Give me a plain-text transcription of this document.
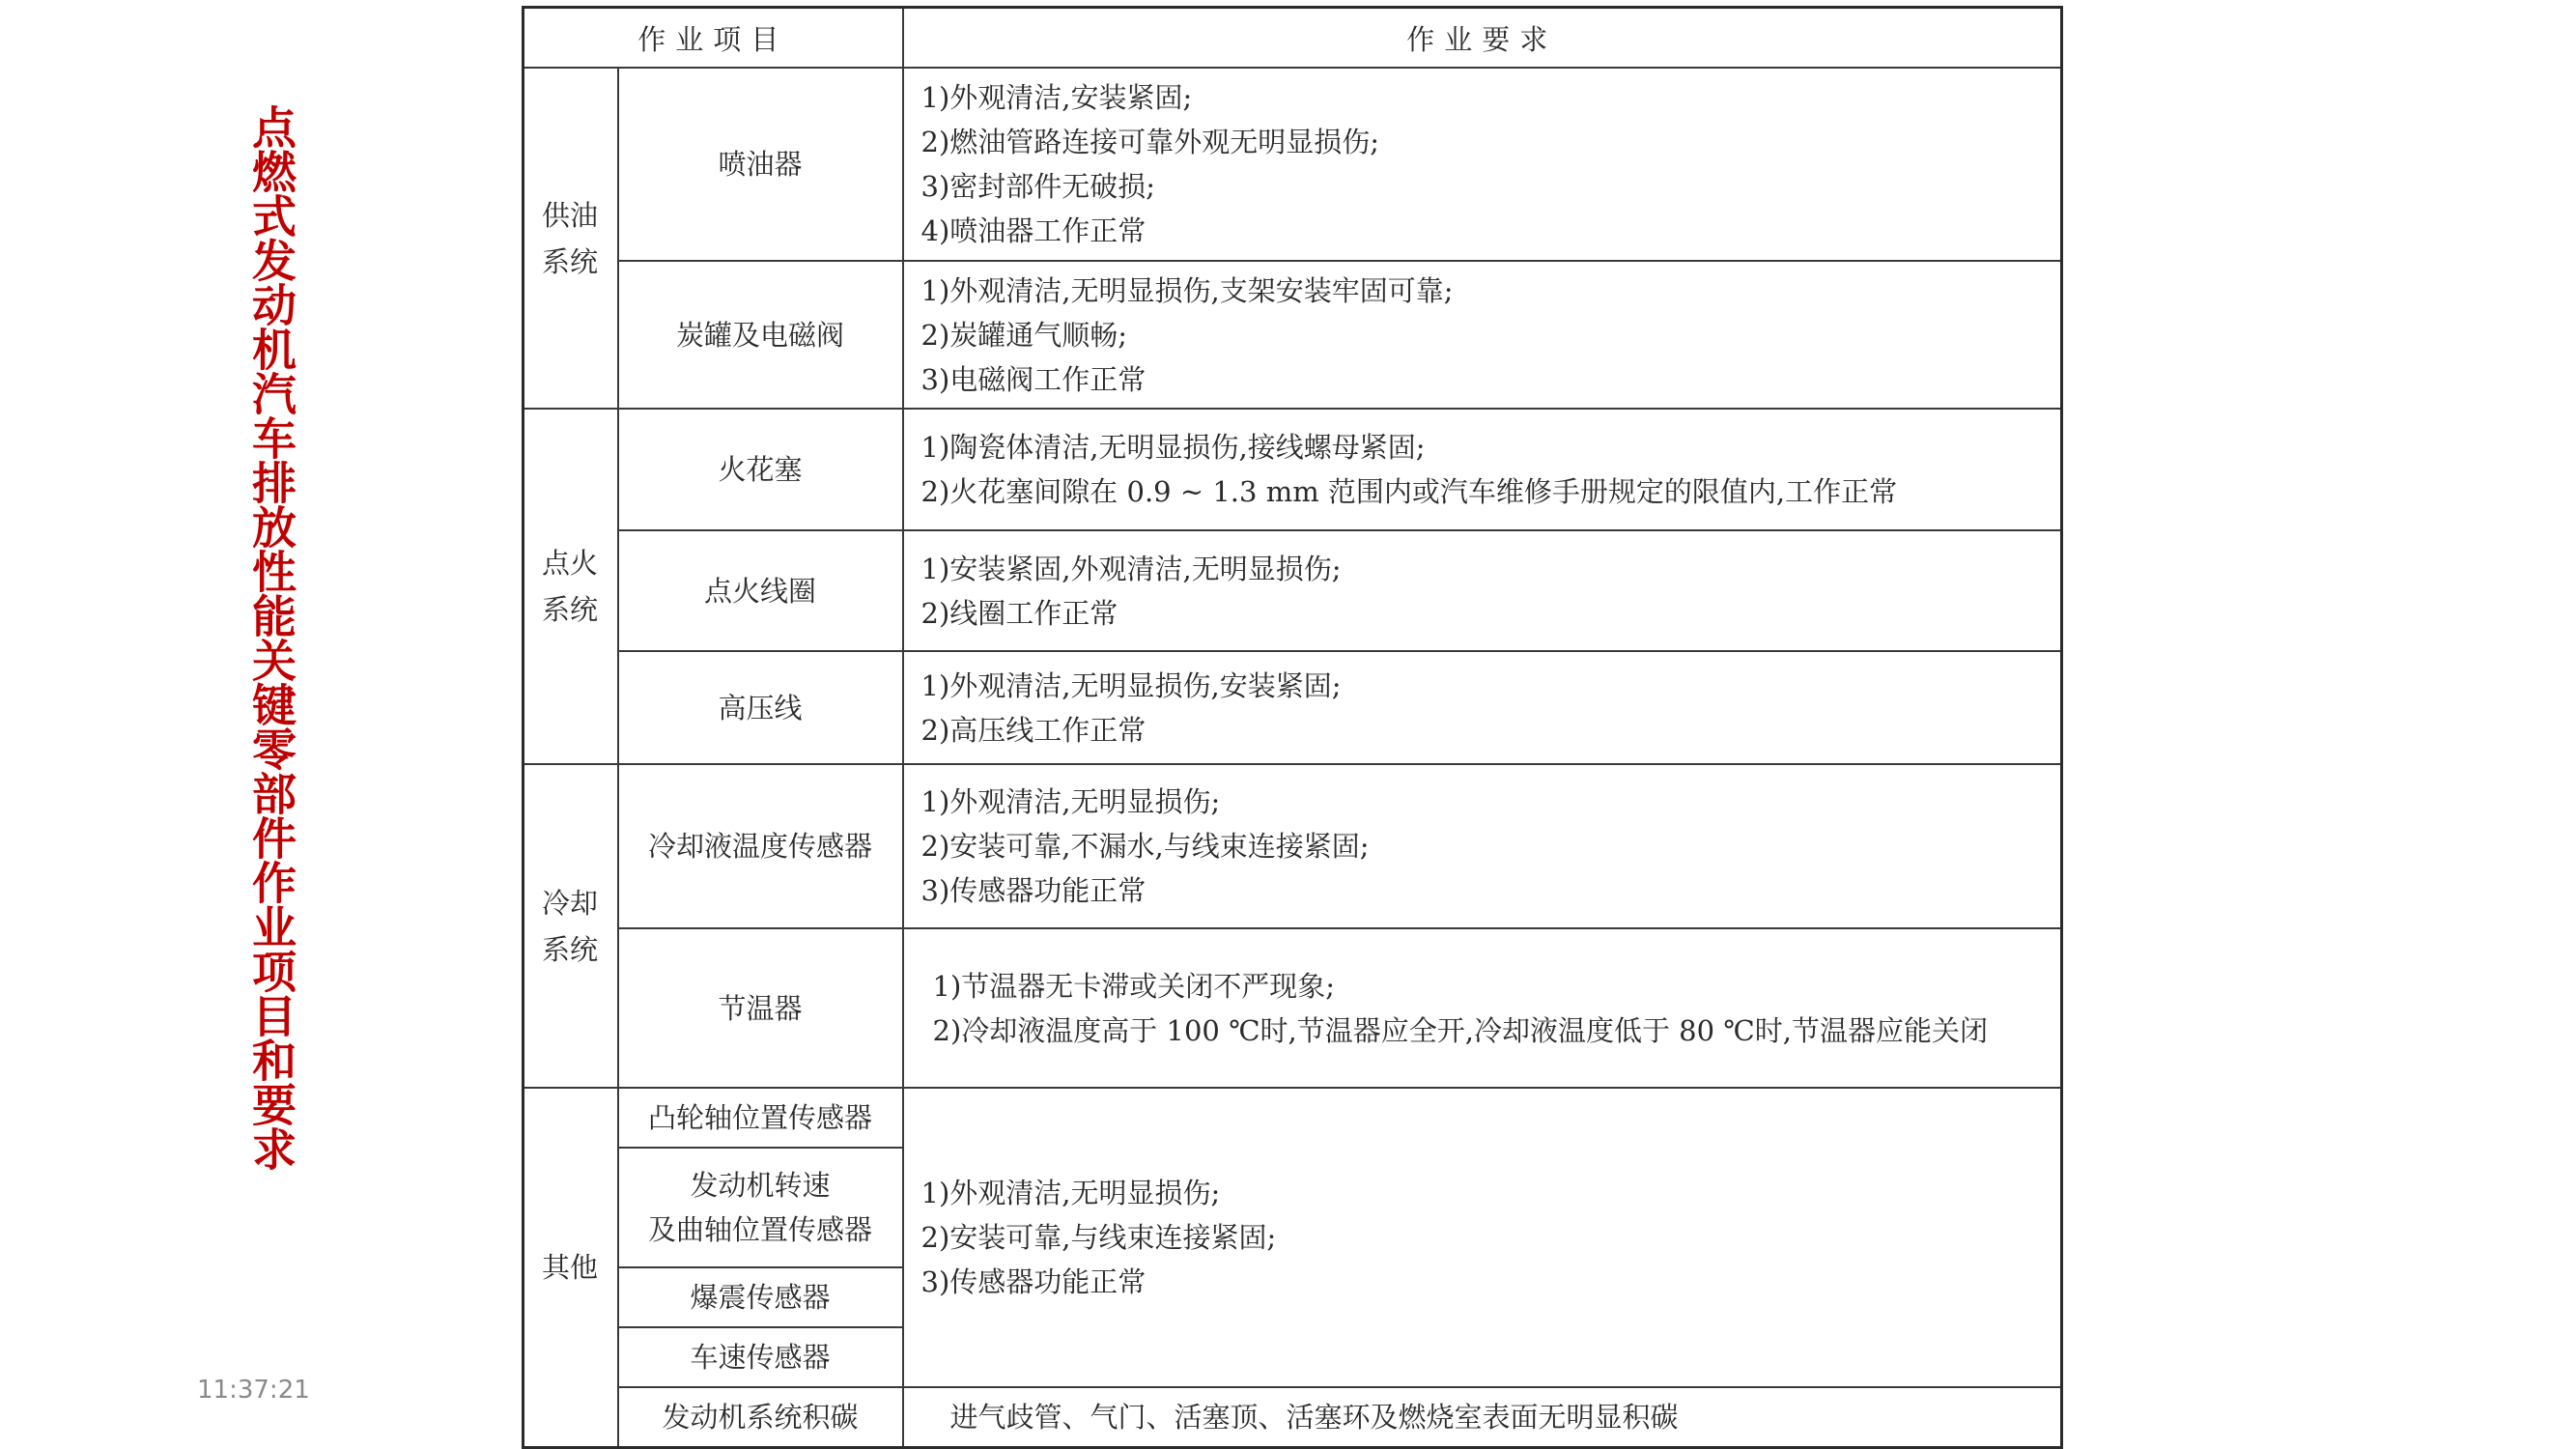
点燃式发动机汽车排放性能关键零部件作业项目和要求
11:37:21
作业项目		作业要求
供油系统	喷油器	1)外观清洁,安装紧固;
2)燃油管路连接可靠外观无明显损伤;
3)密封部件无破损;
4)喷油器工作正常

	炭罐及电磁阀	1)外观清洁,无明显损伤,支架安装牢固可靠;
2)炭罐通气顺畅;
3)电磁阀工作正常

点火系统	火花塞	1)陶瓷体清洁,无明显损伤,接线螺母紧固;
2)火花塞间隙在 0.9 ~ 1.3 mm 范围内或汽车维修手册规定的限值内,工作正常

	点火线圈	1)安装紧固,外观清洁,无明显损伤;
2)线圈工作正常

	高压线	1)外观清洁,无明显损伤,安装紧固;
2)高压线工作正常

冷却系统	冷却液温度传感器	1)外观清洁,无明显损伤;
2)安装可靠,不漏水,与线束连接紧固;
3)传感器功能正常

	节温器	1)节温器无卡滞或关闭不严现象;
2)冷却液温度高于 100 ℃时,节温器应全开,冷却液温度低于 80 ℃时,节温器应能关闭

其他	凸轮轴位置传感器	1)外观清洁,无明显损伤;
2)安装可靠,与线束连接紧固;
3)传感器功能正常

	发动机转速
及曲轴位置传感器	

	爆震传感器	
	车速传感器	
	发动机系统积碳	进气歧管、气门、活塞顶、活塞环及燃烧室表面无明显积碳
